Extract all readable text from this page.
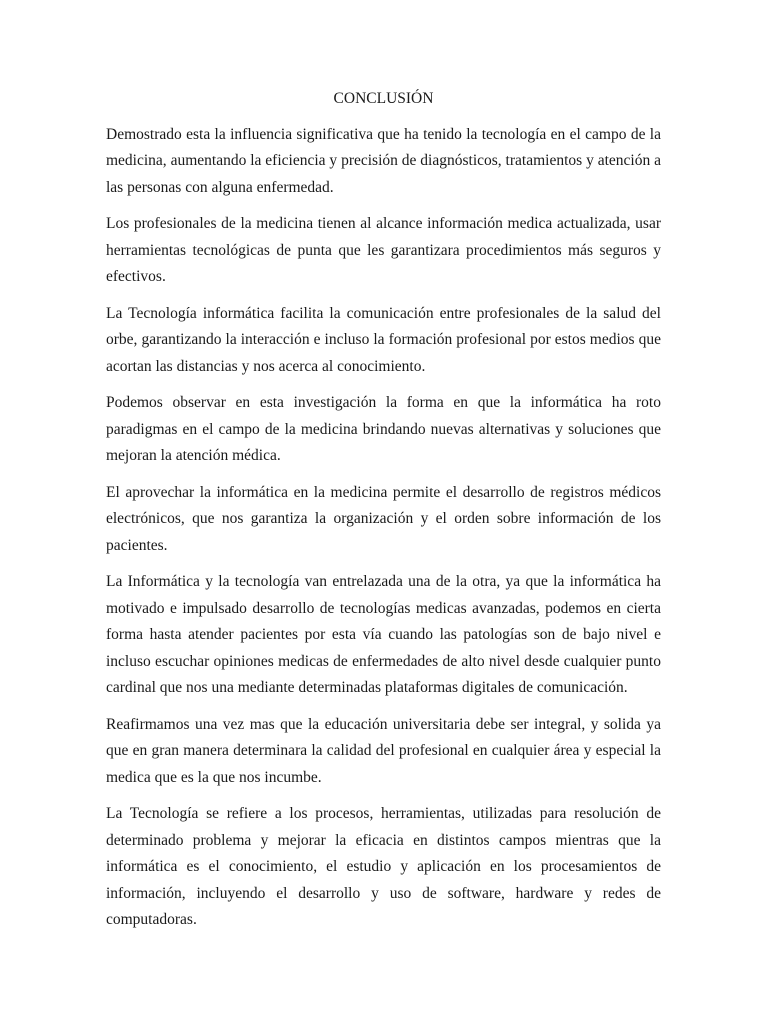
CONCLUSIÓN

Demostrado esta la influencia significativa que ha tenido la tecnología en el campo de la medicina, aumentando la eficiencia y precisión de diagnósticos, tratamientos y atención a las personas con alguna enfermedad.

Los profesionales de la medicina tienen al alcance información medica actualizada, usar herramientas tecnológicas de punta que les garantizara procedimientos más seguros y efectivos.

La Tecnología informática facilita la comunicación entre profesionales de la salud del orbe, garantizando la interacción e incluso la formación profesional por estos medios que acortan las distancias y nos acerca al conocimiento.

Podemos observar en esta investigación la forma en que la informática ha roto paradigmas en el campo de la medicina brindando nuevas alternativas y soluciones que mejoran la atención médica.

El aprovechar la informática en la medicina permite el desarrollo de registros médicos electrónicos, que nos garantiza la organización y el orden sobre información de los pacientes.

La Informática y la tecnología van entrelazada una de la otra, ya que la informática ha motivado e impulsado desarrollo de tecnologías medicas avanzadas, podemos en cierta forma hasta atender pacientes por esta vía cuando las patologías son de bajo nivel e incluso escuchar opiniones medicas de enfermedades de alto nivel desde cualquier punto cardinal que nos una mediante determinadas plataformas digitales de comunicación.

Reafirmamos una vez mas que la educación universitaria debe ser integral, y solida ya que en gran manera determinara la calidad del profesional en cualquier área y especial la medica que es la que nos incumbe.

La Tecnología se refiere a los procesos, herramientas, utilizadas para resolución de determinado problema y mejorar la eficacia en distintos campos mientras que la informática es el conocimiento, el estudio y aplicación en los procesamientos de información, incluyendo el desarrollo y uso de software, hardware y redes de computadoras.
